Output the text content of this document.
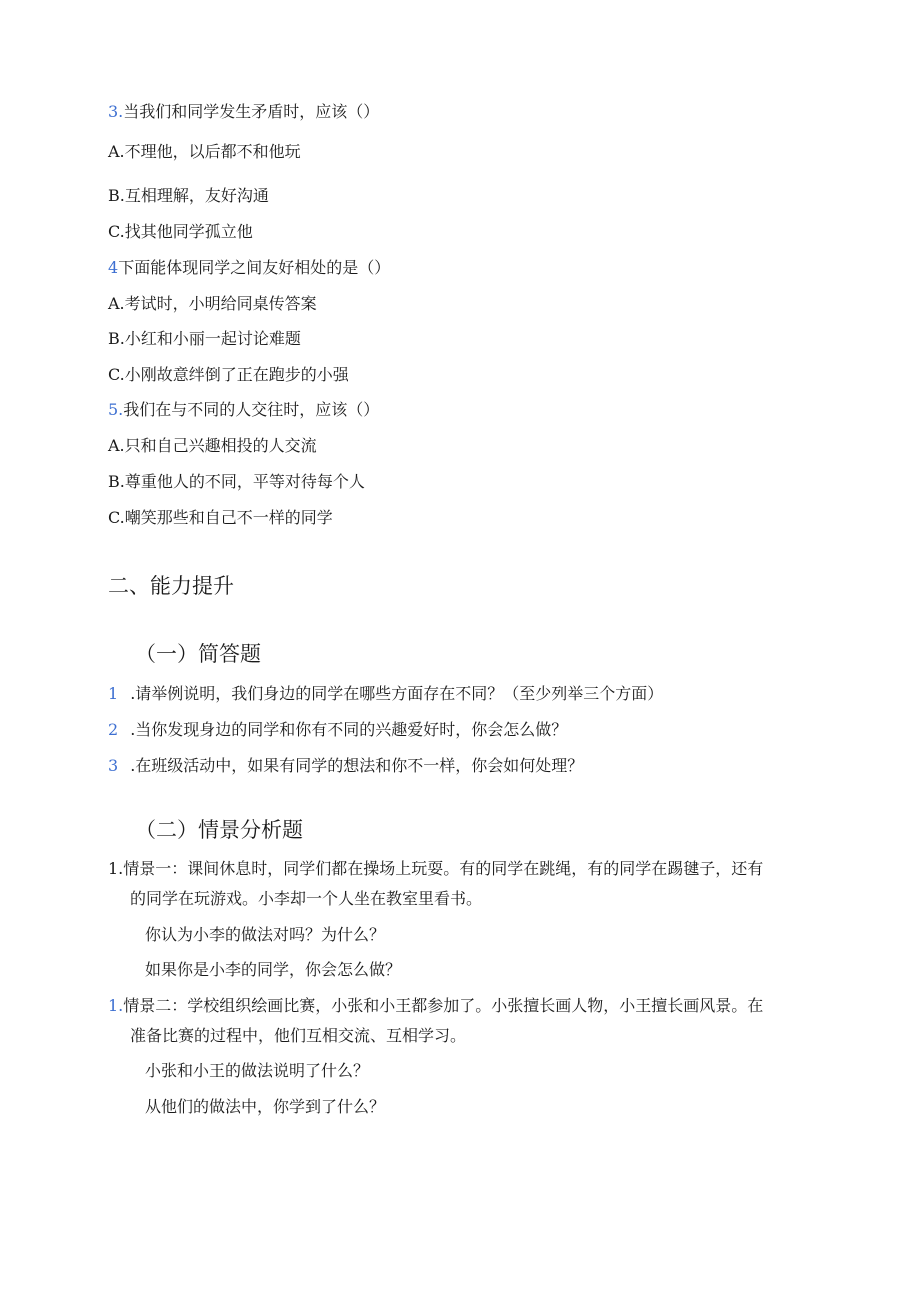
3.当我们和同学发生矛盾时，应该（）
A.不理他，以后都不和他玩
B.互相理解，友好沟通
C.找其他同学孤立他
4下面能体现同学之间友好相处的是（）
A.考试时，小明给同桌传答案
B.小红和小丽一起讨论难题
C.小刚故意绊倒了正在跑步的小强
5.我们在与不同的人交往时，应该（）
A.只和自己兴趣相投的人交流
B.尊重他人的不同，平等对待每个人
C.嘲笑那些和自己不一样的同学
二、能力提升
（一）简答题
1 .请举例说明，我们身边的同学在哪些方面存在不同？（至少列举三个方面）
2 .当你发现身边的同学和你有不同的兴趣爱好时，你会怎么做？
3 .在班级活动中，如果有同学的想法和你不一样，你会如何处理？
（二）情景分析题
1.情景一：课间休息时，同学们都在操场上玩耍。有的同学在跳绳，有的同学在踢毽子，还有
的同学在玩游戏。小李却一个人坐在教室里看书。
你认为小李的做法对吗？为什么？
如果你是小李的同学，你会怎么做？
1.情景二：学校组织绘画比赛，小张和小王都参加了。小张擅长画人物，小王擅长画风景。在
准备比赛的过程中，他们互相交流、互相学习。
小张和小王的做法说明了什么？
从他们的做法中，你学到了什么？
